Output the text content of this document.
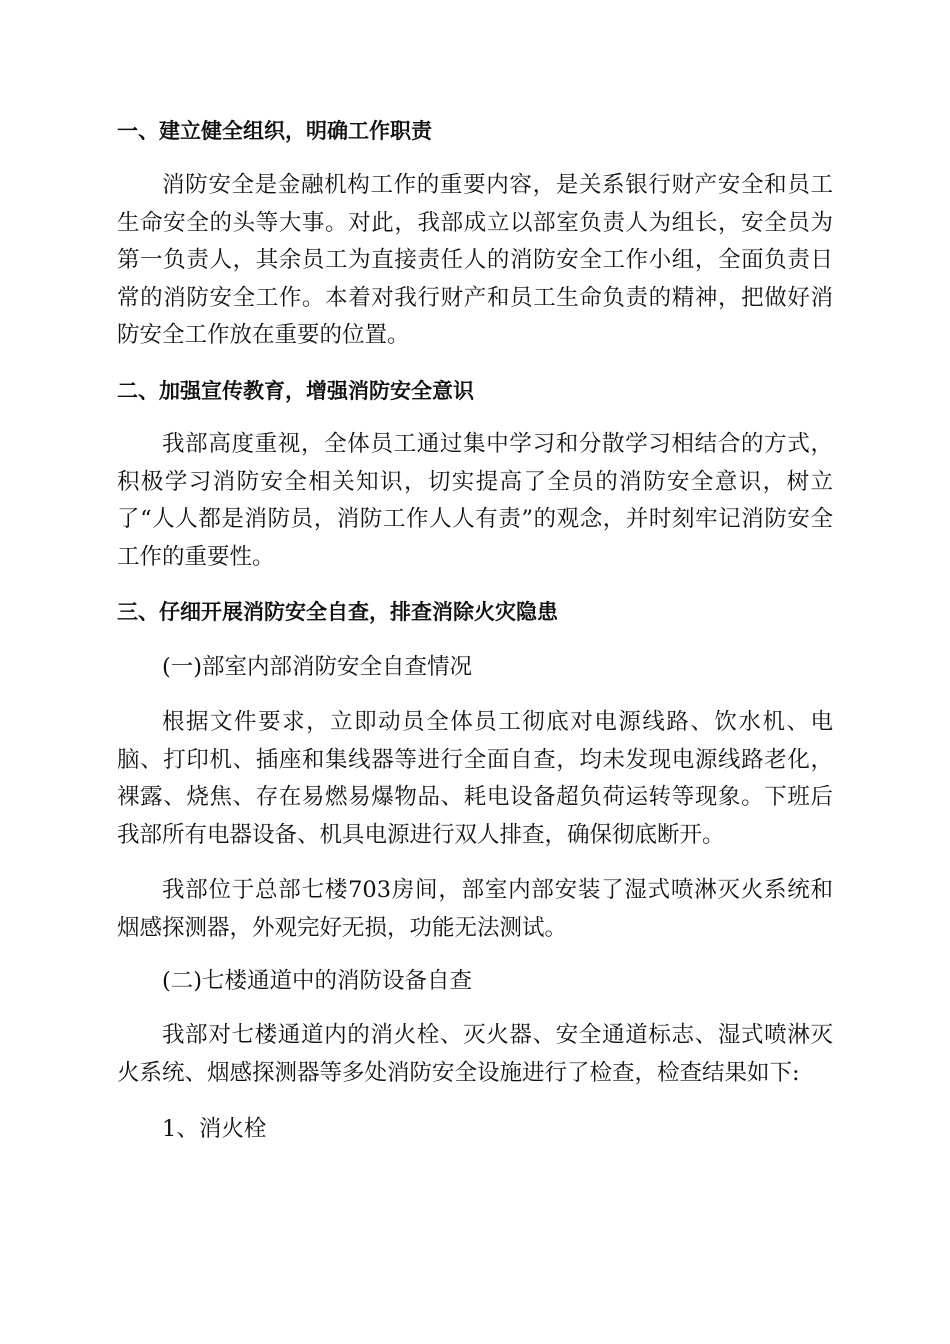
一、建立健全组织，明确工作职责
消防安全是金融机构工作的重要内容，是关系银行财产安全和员工生命安全的头等大事。对此，我部成立以部室负责人为组长，安全员为第一负责人，其余员工为直接责任人的消防安全工作小组，全面负责日常的消防安全工作。本着对我行财产和员工生命负责的精神，把做好消防安全工作放在重要的位置。
二、加强宣传教育，增强消防安全意识
我部高度重视，全体员工通过集中学习和分散学习相结合的方式，积极学习消防安全相关知识，切实提高了全员的消防安全意识，树立了“人人都是消防员，消防工作人人有责”的观念，并时刻牢记消防安全工作的重要性。
三、仔细开展消防安全自查，排查消除火灾隐患
(一)部室内部消防安全自查情况
根据文件要求，立即动员全体员工彻底对电源线路、饮水机、电脑、打印机、插座和集线器等进行全面自查，均未发现电源线路老化，裸露、烧焦、存在易燃易爆物品、耗电设备超负荷运转等现象。下班后我部所有电器设备、机具电源进行双人排查，确保彻底断开。
我部位于总部七楼703房间，部室内部安装了湿式喷淋灭火系统和烟感探测器，外观完好无损，功能无法测试。
(二)七楼通道中的消防设备自查
我部对七楼通道内的消火栓、灭火器、安全通道标志、湿式喷淋灭火系统、烟感探测器等多处消防安全设施进行了检查，检查结果如下:
1、消火栓
